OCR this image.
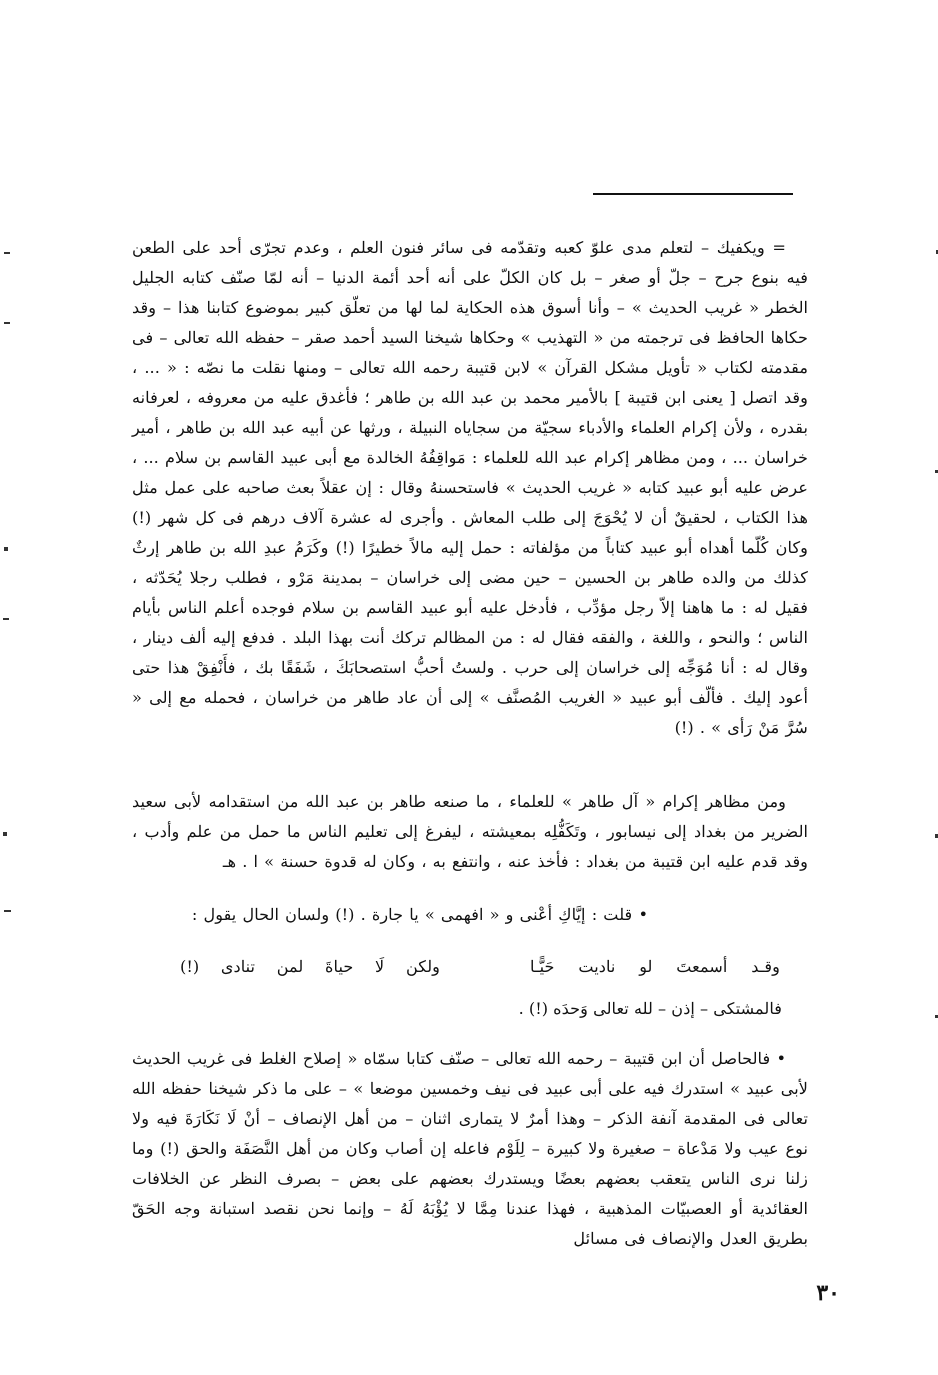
= ويكفيك – لتعلم مدى علوّ كعبه وتقدّمه فى سائر فنون العلم ، وعدم تجرّى أحد على الطعن فيه بنوع جرح – جلّ أو صغر – بل كان الكلّ على أنه أحد أئمة الدنيا – أنه لمّا صنّف كتابه الجليل الخطر « غريب الحديث » – وأنا أسوق هذه الحكاية لما لها من تعلّق كبير بموضوع كتابنا هذا – وقد حكاها الحافظ فى ترجمته من « التهذيب » وحكاها شيخنا السيد أحمد صقر – حفظه الله تعالى – فى مقدمته لكتاب « تأويل مشكل القرآن » لابن قتيبة رحمه الله تعالى – ومنها نقلت ما نصّه : « ... ، وقد اتصل [ يعنى ابن قتيبة ] بالأمير محمد بن عبد الله بن طاهر ؛ فأغدق عليه من معروفه ، لعرفانه بقدره ، ولأن إكرام العلماء والأدباء سجيّة من سجاياه النبيلة ، ورثها عن أبيه عبد الله بن طاهر ، أمير خراسان ... ، ومن مظاهر إكرام عبد الله للعلماء : مَواقِفُهُ الخالدة مع أبى عبيد القاسم بن سلام ... ، عرض عليه أبو عبيد كتابه « غريب الحديث » فاستحسنهُ وقال : إن عقلاً بعث صاحبه على عمل مثل هذا الكتاب ، لحقيقٌ أن لا يُحْوَجَ إلى طلب المعاش . وأجرى له عشرة آلاف درهم فى كل شهر (!) وكان كُلّما أهداه أبو عبيد كتاباً من مؤلفاته : حمل إليه مالاً خطيرًا (!) وكَرَمُ عبدِ الله بن طاهر إرثٌ كذلك من والده طاهر بن الحسين – حين مضى إلى خراسان – بمدينة مَرْو ، فطلب رجلا يُحَدّثه ، فقيل له : ما هاهنا إلاّ رجل مؤدِّب ، فأدخل عليه أبو عبيد القاسم بن سلام فوجده أعلم الناس بأيام الناس ؛ والنحو ، واللغة ، والفقه فقال له : من المظالم تركك أنت بهذا البلد . فدفع إليه ألف دينار ، وقال له : أنا مُوَجِّه إلى خراسان إلى حرب . ولستُ أحبُّ استصحابَكَ ، شَفَقًا بك ، فأَنْفِقْ هذا حتى أعود إليك . فألّف أبو عبيد « الغريب المُصنَّف » إلى أن عاد طاهر من خراسان ، فحمله مع إلى « سُرَّ مَنْ رَأى » . (!)

ومن مظاهر إكرام « آل طاهر » للعلماء ، ما صنعه طاهر بن عبد الله من استقدامه لأبى سعيد الضرير من بغداد إلى نيسابور ، وتَكَفُّلِه بمعيشته ، ليفرغ إلى تعليم الناس ما حمل من علم وأدب ، وقد قدم عليه ابن قتيبة من بغداد : فأخذ عنه ، وانتفع به ، وكان له قدوة حسنة » ا . هـ

• قلت : إيَّاكِ أعْنى و « افهمى » يا جارة . (!) ولسان الحال يقول :

وقـد أسمعتَ لو ناديت حَيًّـا
ولكن لَا حياةَ لمن تنادى (!)

فالمشتكى – إذن – لله تعالى وَحدَه (!) .

• فالحاصل أن ابن قتيبة – رحمه الله تعالى – صنّف كتابا سمّاه « إصلاح الغلط فى غريب الحديث لأبى عبيد » استدرك فيه على أبى عبيد فى نيف وخمسين موضعا » – على ما ذكر شيخنا حفظه الله تعالى فى المقدمة آنفة الذكر – وهذا أمرٌ لا يتمارى اثنان – من أهل الإنصاف – أنْ لَا نَكَارَةَ فيه ولا نوع عيب ولا مَدْعاة – صغيرة ولا كبيرة – لِلَوْم فاعله إن أصاب وكان من أهل النَّصَفَة والحق (!) وما زلنا نرى الناس يتعقب بعضهم بعضًا ويستدرك بعضهم على بعض – بصرف النظر عن الخلافات العقائدية أو العصبيّات المذهبية ، فهذا عندنا مِمَّا لا يُؤْبَهُ لَهُ – وإنما نحن نقصد استبانة وجه الحَقّ بطريق العدل والإنصاف فى مسائل

٣٠
